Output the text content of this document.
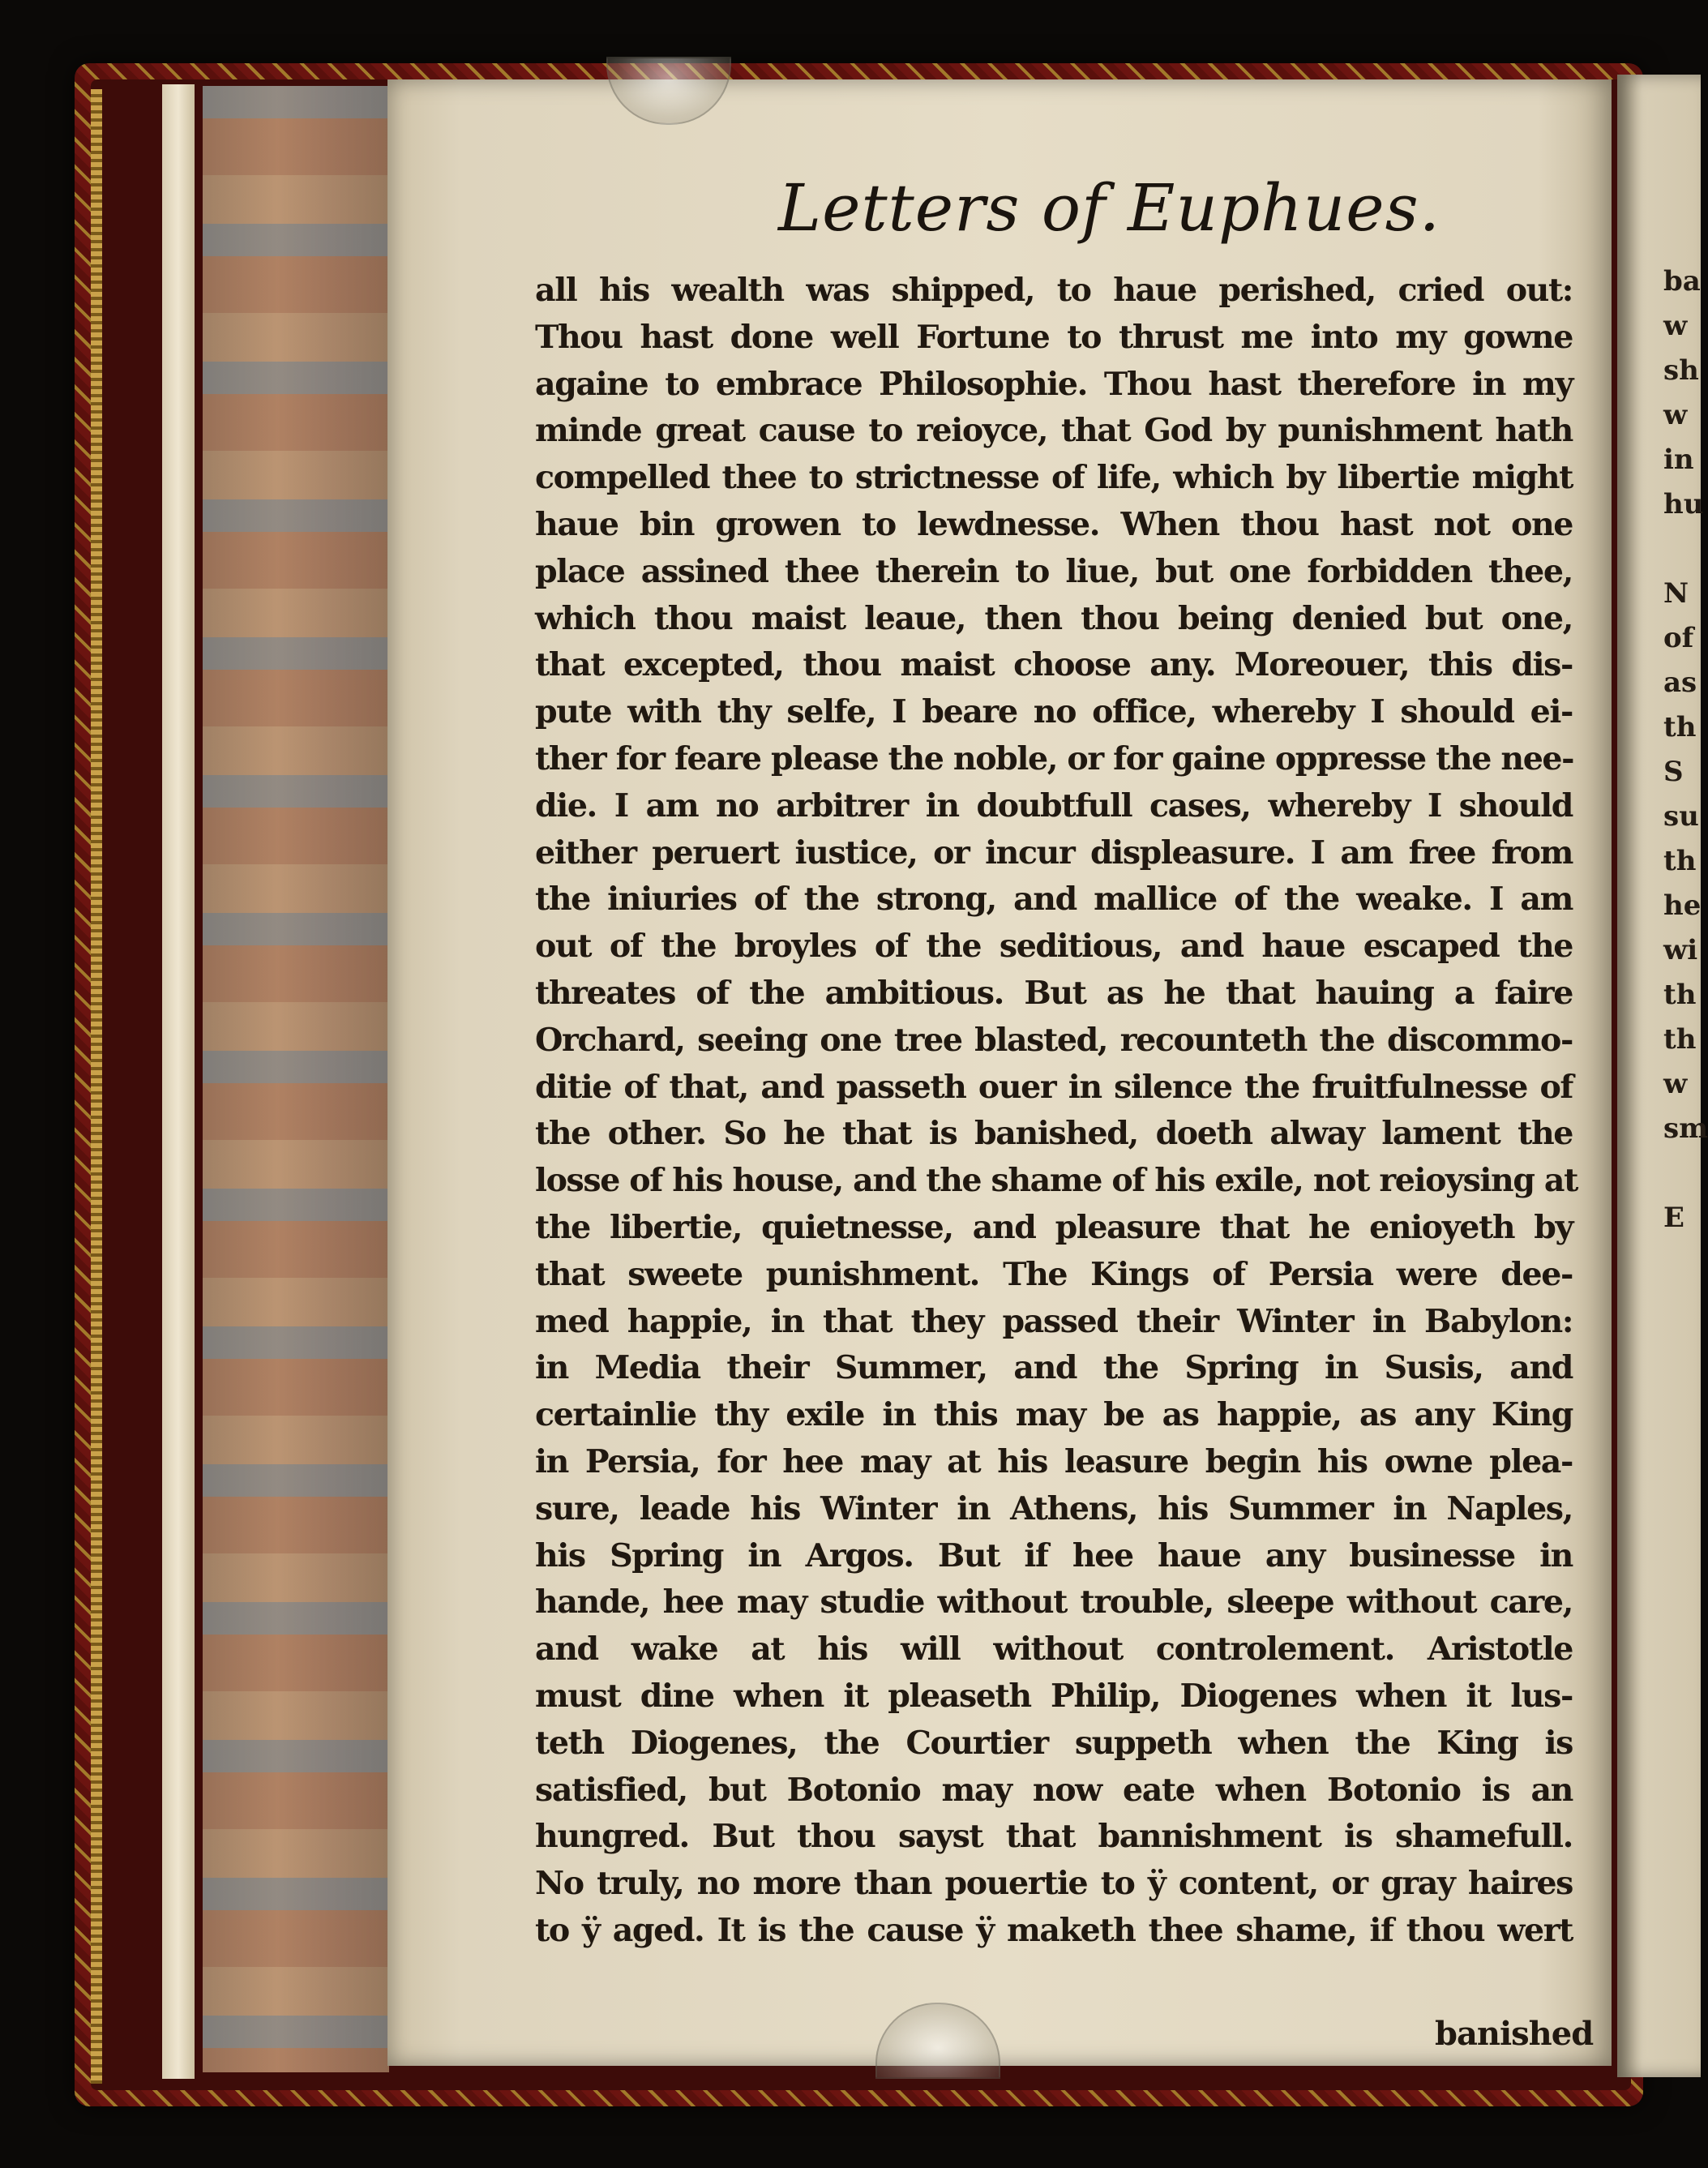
ba
w
sh
w
in
hu
N
of
as
th
S
su
th
he
wi
th
th
w
sm
E
Letters of Euphues.
all his wealth was shipped, to haue perished, cried out:
Thou hast done well Fortune to thrust me into my gowne
againe to embrace Philosophie. Thou hast therefore in my
minde great cause to reioyce, that God by punishment hath
compelled thee to strictnesse of life, which by libertie might
haue bin growen to lewdnesse. When thou hast not one
place assined thee therein to liue, but one forbidden thee,
which thou maist leaue, then thou being denied but one,
that excepted, thou maist choose any. Moreouer, this dis-
pute with thy selfe, I beare no office, whereby I should ei-
ther for feare please the noble, or for gaine oppresse the nee-
die. I am no arbitrer in doubtfull cases, whereby I should
either peruert iustice, or incur displeasure. I am free from
the iniuries of the strong, and mallice of the weake. I am
out of the broyles of the seditious, and haue escaped the
threates of the ambitious. But as he that hauing a faire
Orchard, seeing one tree blasted, recounteth the discommo-
ditie of that, and passeth ouer in silence the fruitfulnesse of
the other. So he that is banished, doeth alway lament the
losse of his house, and the shame of his exile, not reioysing at
the libertie, quietnesse, and pleasure that he enioyeth by
that sweete punishment. The Kings of Persia were dee-
med happie, in that they passed their Winter in Babylon:
in Media their Summer, and the Spring in Susis, and
certainlie thy exile in this may be as happie, as any King
in Persia, for hee may at his leasure begin his owne plea-
sure, leade his Winter in Athens, his Summer in Naples,
his Spring in Argos. But if hee haue any businesse in
hande, hee may studie without trouble, sleepe without care,
and wake at his will without controlement. Aristotle
must dine when it pleaseth Philip, Diogenes when it lus-
teth Diogenes, the Courtier suppeth when the King is
satisfied, but Botonio may now eate when Botonio is an
hungred. But thou sayst that bannishment is shamefull.
No truly, no more than pouertie to ÿ content, or gray haires
to ÿ aged. It is the cause ÿ maketh thee shame, if thou wert
banished
